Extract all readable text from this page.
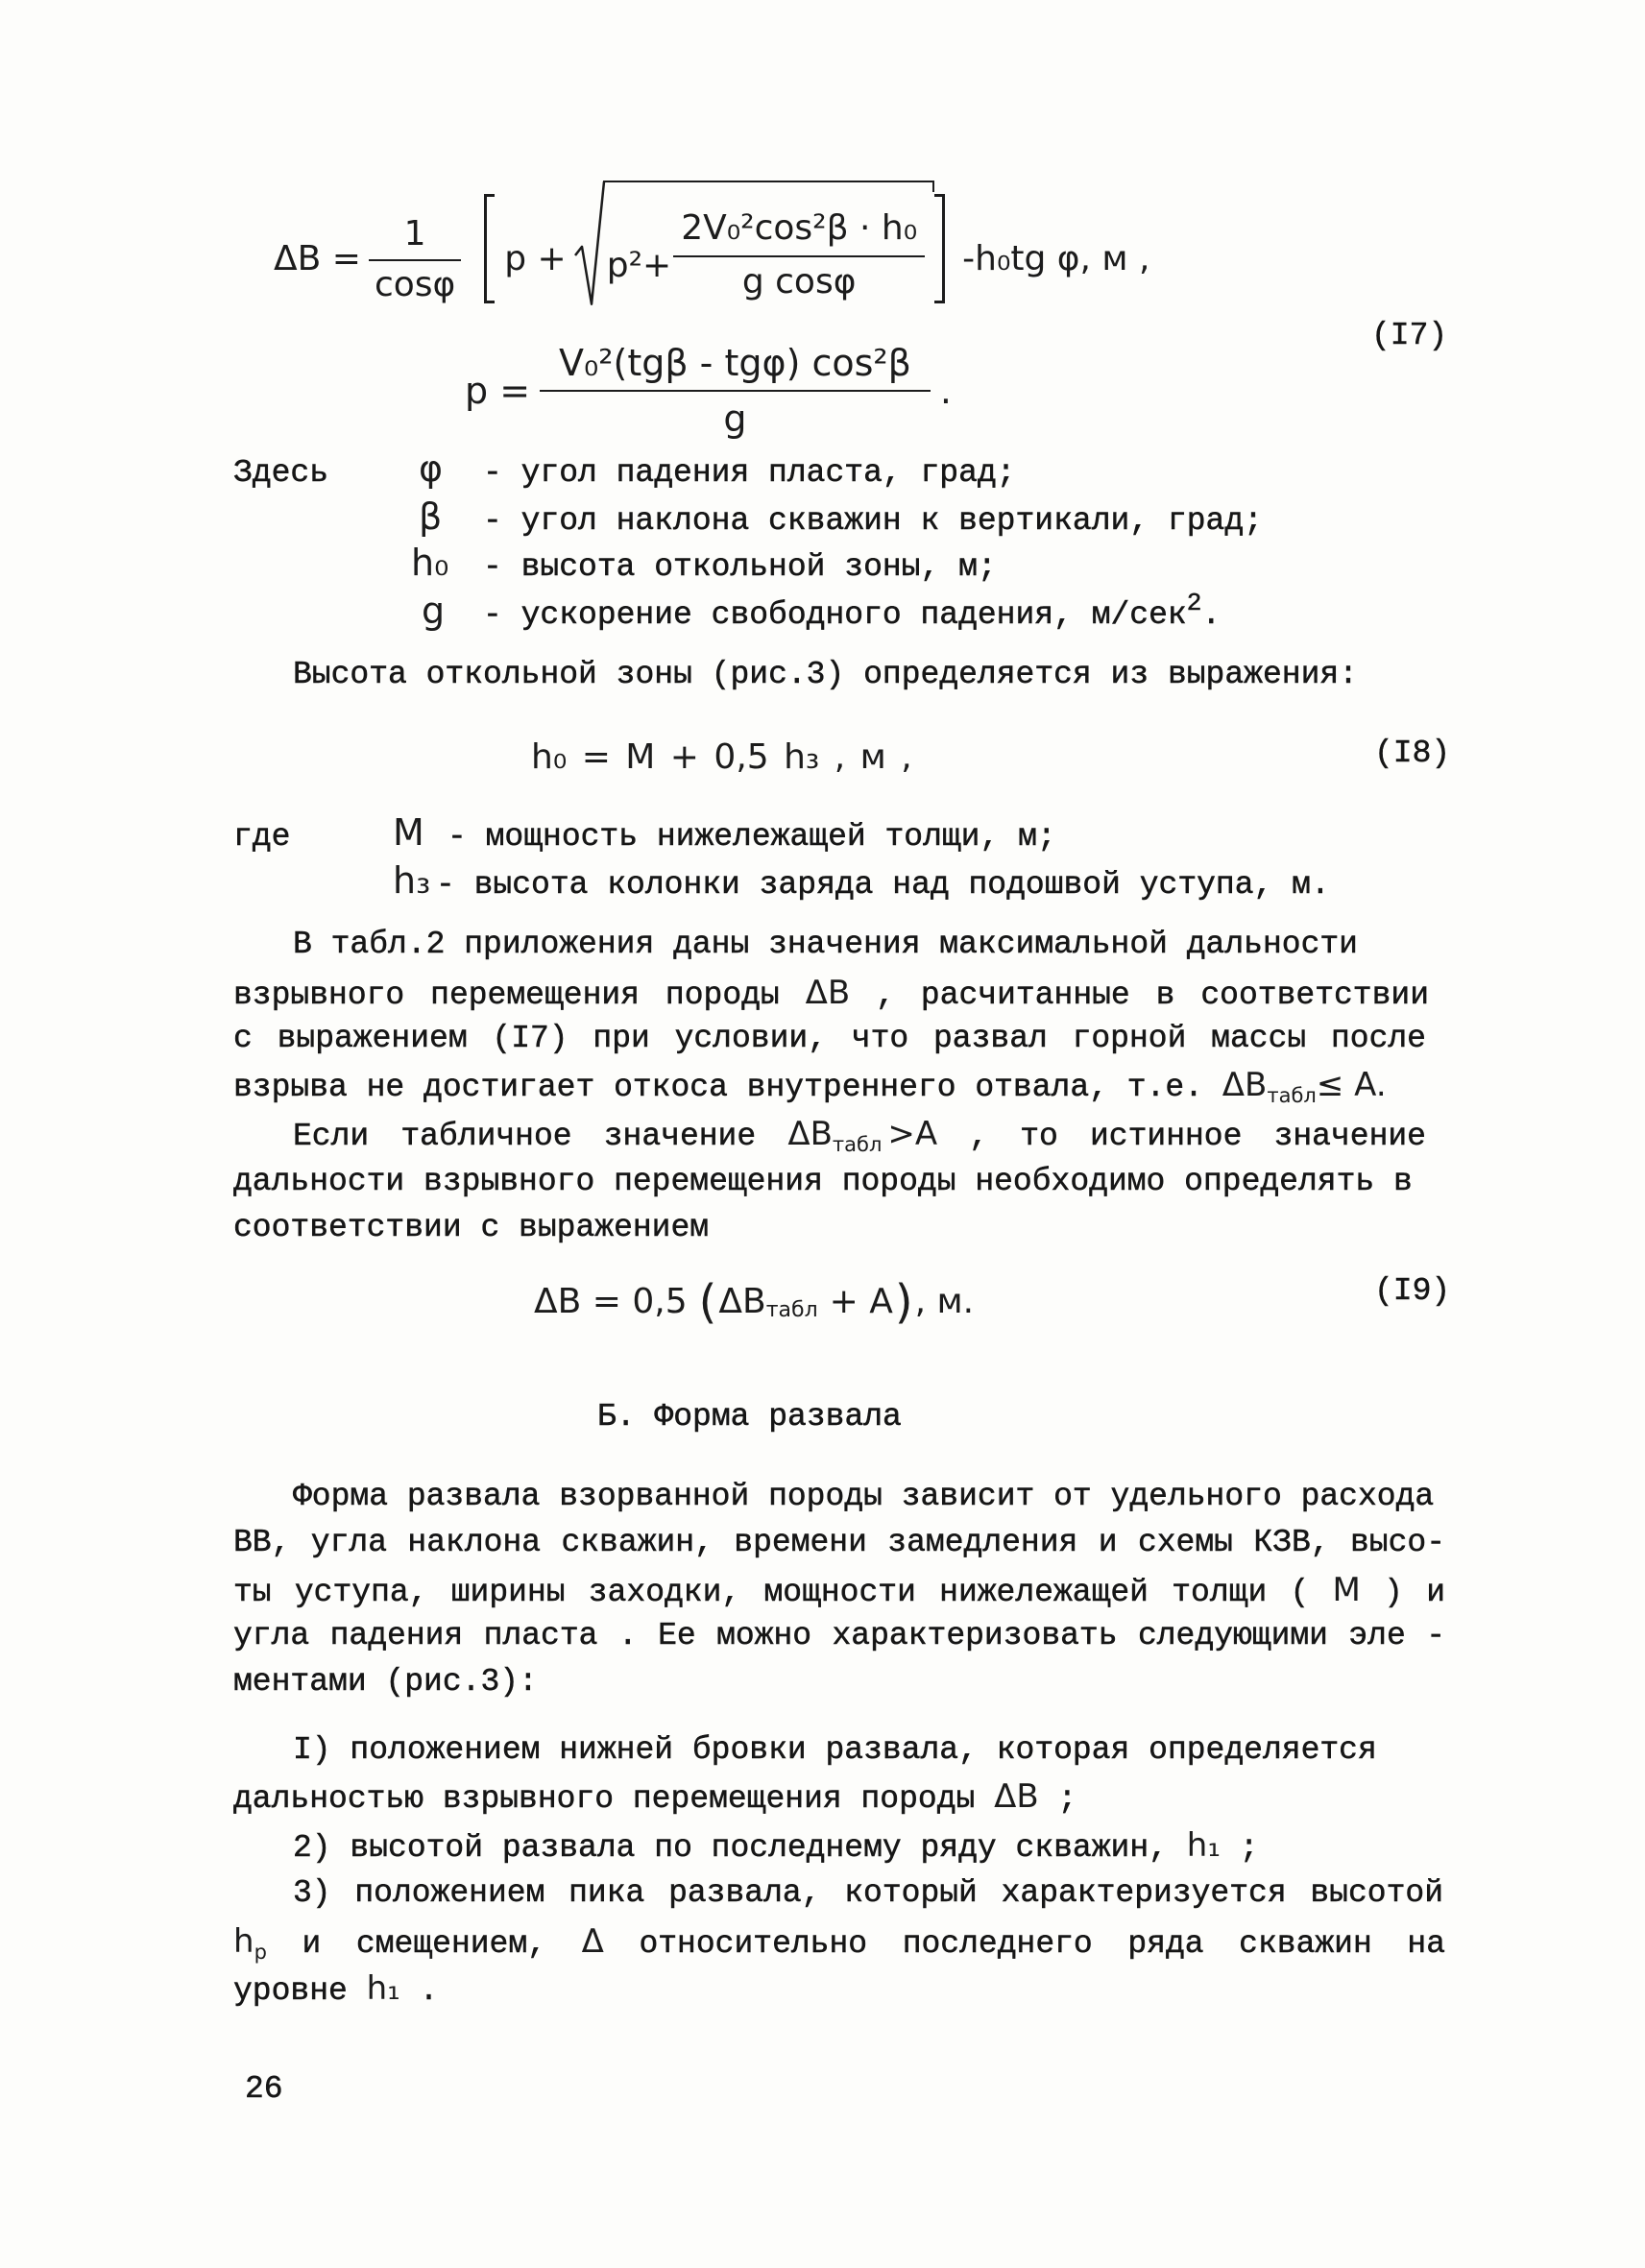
$\Delta B = \frac{1}{\cos\varphi}$ $p + p^2+ \frac{\text{2V₀²cos²β · h₀}}{\text{g cosφ}} -h_0tg$ φ, м ,
(I7)
$p = \frac{\text{V₀²(tgβ - tgφ) cos²β}}{g}$ .
Здесь φ - угол падения пласта, град;
β - угол наклона скважин к вертикали, град;
h₀ - высота откольной зоны, м;
g - ускорение свободного падения, м/сек$^2$.
Высота откольной зоны (рис.3) определяется из выражения:
h₀ = M + 0,5 h₃ , м ,	(I8)
где	M - мощность нижележащей толщи, м;
h₃ - высота колонки заряда над подошвой уступа, м.
В табл.2 приложения даны значения максимальной дальности
взрывного перемещения породы ΔB , расчитанные в соответствии
с выражением (I7) при условии, что развал горной массы после
взрыва не достигает откоса внутреннего отвала, т.е. $\Delta B_{табл}\le A$.
Если табличное значение $\Delta B_{табл} >A$ , то истинное значение
дальности взрывного перемещения породы необходимо определять в
соответствии с выражением
ΔB = 0,5 ( ΔB табл + A ) , м.	(I9)
Б. Форма развала
Форма развала взорванной породы зависит от удельного расхода
ВВ, угла наклона скважин, времени замедления и схемы КЗВ, высо-
ты уступа, ширины заходки, мощности нижележащей толщи ( M ) и
угла падения пласта . Ее можно характеризовать следующими эле -
ментами (рис.3):
I) положением нижней бровки развала, которая определяется
дальностью взрывного перемещения породы ΔB ;
2) высотой развала по последнему ряду скважин, h₁ ;
3) положением пика развала, который характеризуется высотой
$h_p$ и смещением, Δ относительно последнего ряда скважин на
уровне h₁ .
26
